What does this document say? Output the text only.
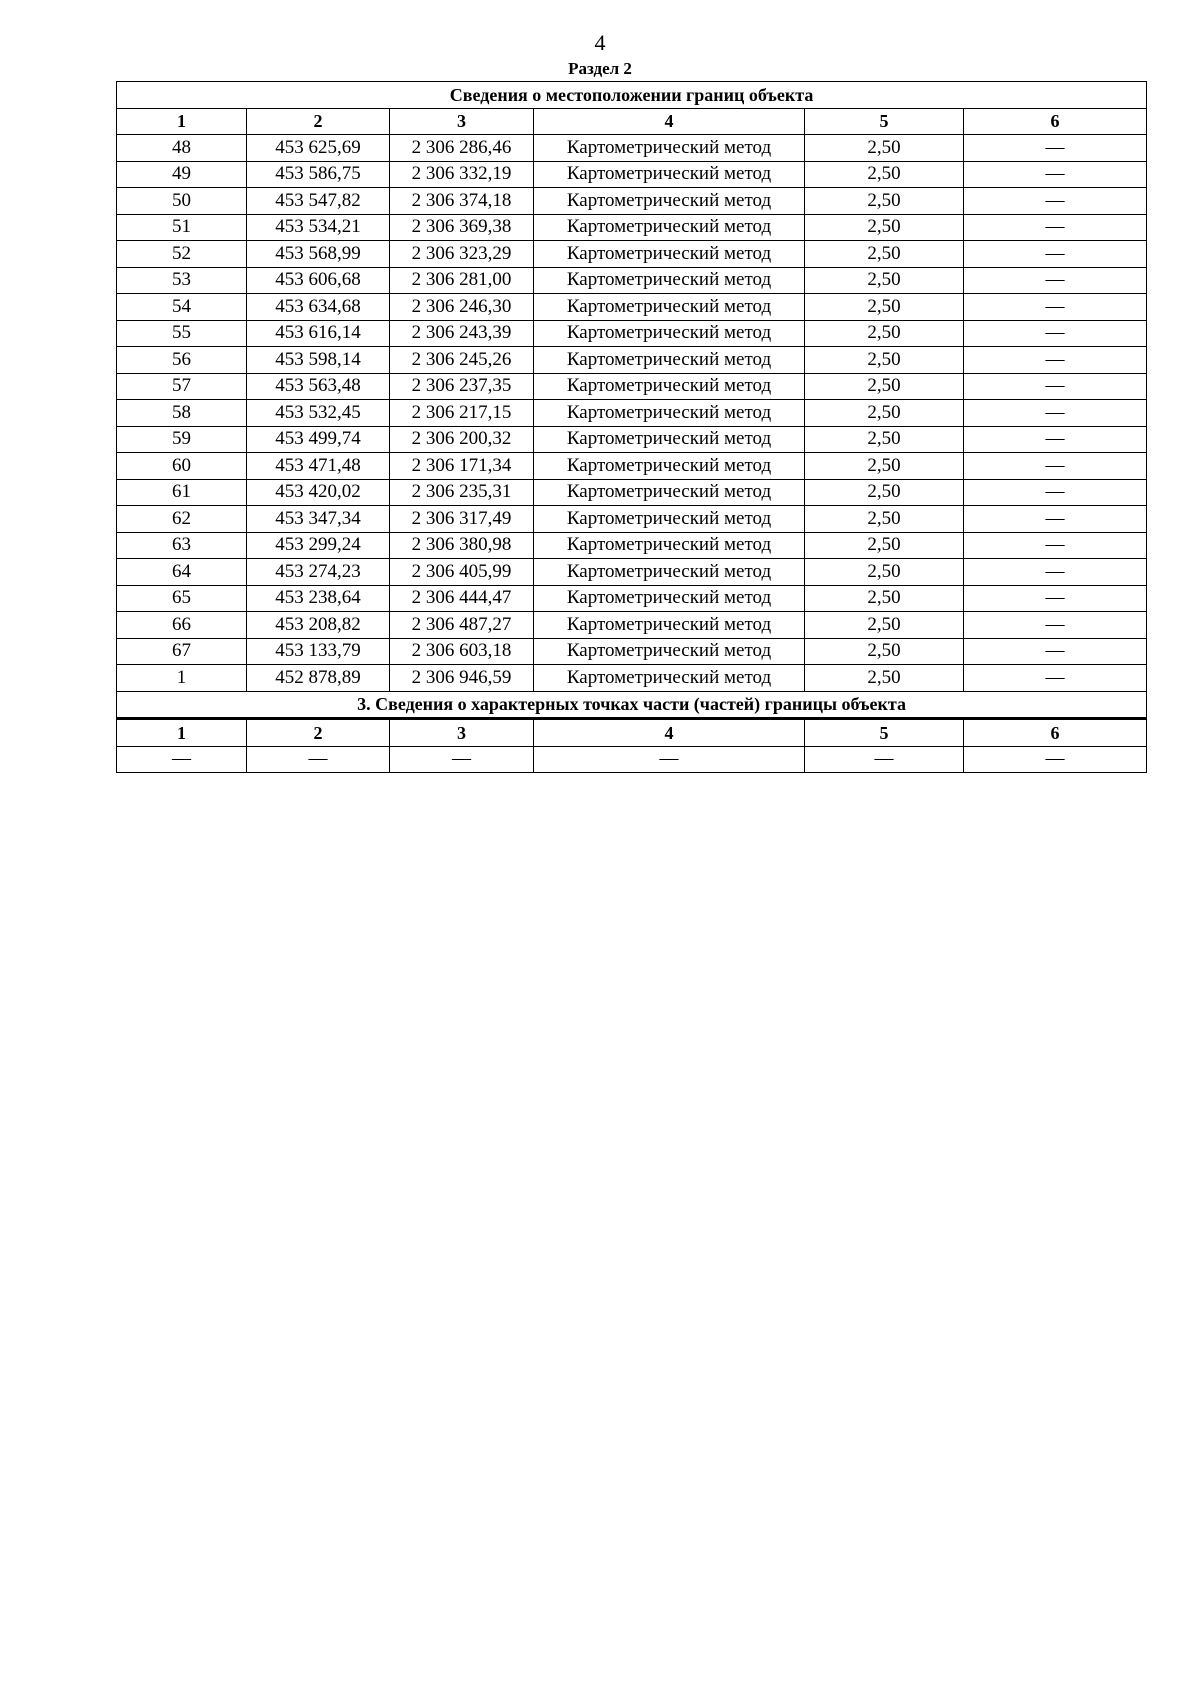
4
Раздел 2
Сведения о местоположении границ объекта					
1	2	3	4	5	6
48	453 625,69	2 306 286,46	Картометрический метод	2,50	—
49	453 586,75	2 306 332,19	Картометрический метод	2,50	—
50	453 547,82	2 306 374,18	Картометрический метод	2,50	—
51	453 534,21	2 306 369,38	Картометрический метод	2,50	—
52	453 568,99	2 306 323,29	Картометрический метод	2,50	—
53	453 606,68	2 306 281,00	Картометрический метод	2,50	—
54	453 634,68	2 306 246,30	Картометрический метод	2,50	—
55	453 616,14	2 306 243,39	Картометрический метод	2,50	—
56	453 598,14	2 306 245,26	Картометрический метод	2,50	—
57	453 563,48	2 306 237,35	Картометрический метод	2,50	—
58	453 532,45	2 306 217,15	Картометрический метод	2,50	—
59	453 499,74	2 306 200,32	Картометрический метод	2,50	—
60	453 471,48	2 306 171,34	Картометрический метод	2,50	—
61	453 420,02	2 306 235,31	Картометрический метод	2,50	—
62	453 347,34	2 306 317,49	Картометрический метод	2,50	—
63	453 299,24	2 306 380,98	Картометрический метод	2,50	—
64	453 274,23	2 306 405,99	Картометрический метод	2,50	—
65	453 238,64	2 306 444,47	Картометрический метод	2,50	—
66	453 208,82	2 306 487,27	Картометрический метод	2,50	—
67	453 133,79	2 306 603,18	Картометрический метод	2,50	—
1	452 878,89	2 306 946,59	Картометрический метод	2,50	—
3. Сведения о характерных точках части (частей) границы объекта					
1	2	3	4	5	6
—	—	—	—	—	—
